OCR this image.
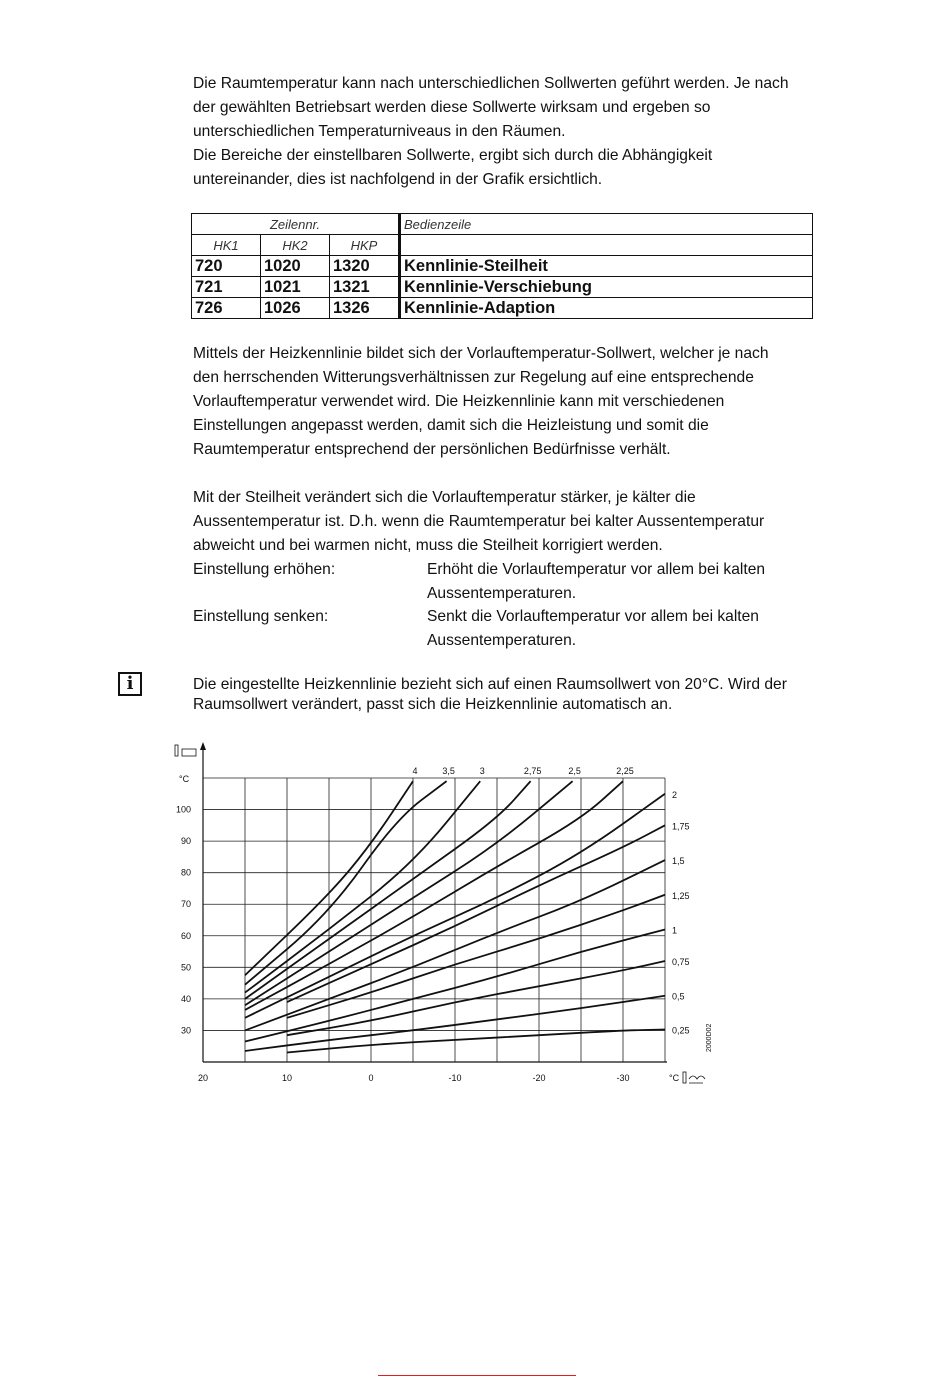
Die Raumtemperatur kann nach unterschiedlichen Sollwerten geführt werden. Je nach
der gewählten Betriebsart werden diese Sollwerte wirksam und ergeben so
unterschiedlichen Temperaturniveaus in den Räumen.
Die Bereiche der einstellbaren Sollwerte, ergibt sich durch die Abhängigkeit
untereinander, dies ist nachfolgend in der Grafik ersichtlich.
Zeilennr.			Bedienzeile
HK1	HK2	HKP	
720	1020	1320	Kennlinie-Steilheit
721	1021	1321	Kennlinie-Verschiebung
726	1026	1326	Kennlinie-Adaption
Mittels der Heizkennlinie bildet sich der Vorlauftemperatur-Sollwert, welcher je nach
den herrschenden Witterungsverhältnissen zur Regelung auf eine entsprechende
Vorlauftemperatur verwendet wird. Die Heizkennlinie kann mit verschiedenen
Einstellungen angepasst werden, damit sich die Heizleistung und somit die
Raumtemperatur entsprechend der persönlichen Bedürfnisse verhält.
Mit der Steilheit verändert sich die Vorlauftemperatur stärker, je kälter die
Aussentemperatur ist. D.h. wenn die Raumtemperatur bei kalter Aussentemperatur
abweicht und bei warmen nicht, muss die Steilheit korrigiert werden.
Einstellung erhöhen:	Erhöht die Vorlauftemperatur vor allem bei kalten Aussentemperaturen.
Einstellung senken:	Senkt die Vorlauftemperatur vor allem bei kalten Aussentemperaturen.
i	Die eingestellte Heizkennlinie bezieht sich auf einen Raumsollwert von 20°C. Wird der
Raumsollwert verändert, passt sich die Heizkennlinie automatisch an.
30
40
50
60
70
80
90
100
°C
20	10	0	-10	-20	-30	°C
2000D02
0,25
0,5
0,75
1
1,25
1,5
1,75
2
2,25
2,5
2,75
3
3,5
4
